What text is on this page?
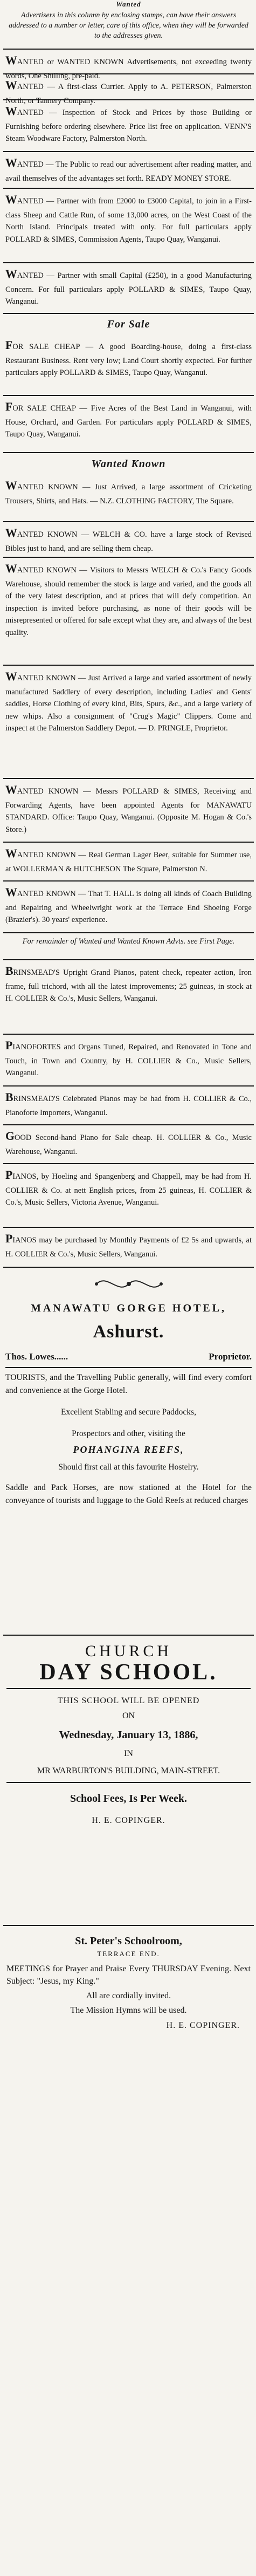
Wanted

Advertisers in this column by enclosing stamps, can have their answers addressed to a number or letter, care of this office, when they will be forwarded to the addresses given.

WANTED or WANTED KNOWN Advertisements, not exceeding twenty words, One Shilling, pre-paid.

WANTED — A first-class Currier. Apply to A. PETERSON, Palmerston North; or Tannery Company.

WANTED — Inspection of Stock and Prices by those Building or Furnishing before ordering elsewhere. Price list free on application. VENN'S Steam Woodware Factory, Palmerston North.

WANTED — The Public to read our advertisement after reading matter, and avail themselves of the advantages set forth. READY MONEY STORE.

WANTED — Partner with from £2000 to £3000 Capital, to join in a First-class Sheep and Cattle Run, of some 13,000 acres, on the West Coast of the North Island. Principals treated with only. For full particulars apply POLLARD & SIMES, Commission Agents, Taupo Quay, Wanganui.

WANTED — Partner with small Capital (£250), in a good Manufacturing Concern. For full particulars apply POLLARD & SIMES, Taupo Quay, Wanganui.

For Sale

FOR SALE CHEAP — A good Boarding-house, doing a first-class Restaurant Business. Rent very low; Land Court shortly expected. For further particulars apply POLLARD & SIMES, Taupo Quay, Wanganui.

FOR SALE CHEAP — Five Acres of the Best Land in Wanganui, with House, Orchard, and Garden. For particulars apply POLLARD & SIMES, Taupo Quay, Wanganui.

Wanted Known

WANTED KNOWN — Just Arrived, a large assortment of Cricketing Trousers, Shirts, and Hats. — N.Z. CLOTHING FACTORY, The Square.

WANTED KNOWN — WELCH & CO. have a large stock of Revised Bibles just to hand, and are selling them cheap.

WANTED KNOWN — Visitors to Messrs WELCH & Co.'s Fancy Goods Warehouse, should remember the stock is large and varied, and the goods all of the very latest description, and at prices that will defy competition. An inspection is invited before purchasing, as none of their goods will be misrepresented or offered for sale except what they are, and always of the best quality.

WANTED KNOWN — Just Arrived a large and varied assortment of newly manufactured Saddlery of every description, including Ladies' and Gents' saddles, Horse Clothing of every kind, Bits, Spurs, &c., and a large variety of new whips. Also a consignment of "Crug's Magic" Clippers. Come and inspect at the Palmerston Saddlery Depot. — D. PRINGLE, Proprietor.

WANTED KNOWN — Messrs POLLARD & SIMES, Receiving and Forwarding Agents, have been appointed Agents for MANAWATU STANDARD. Office: Taupo Quay, Wanganui. (Opposite M. Hogan & Co.'s Store.)

WANTED KNOWN — Real German Lager Beer, suitable for Summer use, at WOLLERMAN & HUTCHESON The Square, Palmerston N.

WANTED KNOWN — That T. HALL is doing all kinds of Coach Building and Repairing and Wheelwright work at the Terrace End Shoeing Forge (Brazier's). 30 years' experience.

For remainder of Wanted and Wanted Known Advts. see First Page.

BRINSMEAD'S Upright Grand Pianos, patent check, repeater action, Iron frame, full trichord, with all the latest improvements; 25 guineas, in stock at H. COLLIER & Co.'s, Music Sellers, Wanganui.

PIANOFORTES and Organs Tuned, Repaired, and Renovated in Tone and Touch, in Town and Country, by H. COLLIER & Co., Music Sellers, Wanganui.

BRINSMEAD'S Celebrated Pianos may be had from H. COLLIER & Co., Pianoforte Importers, Wanganui.

GOOD Second-hand Piano for Sale cheap. H. COLLIER & Co., Music Warehouse, Wanganui.

PIANOS, by Hoeling and Spangenberg and Chappell, may be had from H. COLLIER & Co. at nett English prices, from 25 guineas, H. COLLIER & Co.'s, Music Sellers, Victoria Avenue, Wanganui.

PIANOS may be purchased by Monthly Payments of £2 5s and upwards, at H. COLLIER & Co.'s, Music Sellers, Wanganui.

MANAWATU GORGE HOTEL,

Ashurst.

Thos. Lowes......	Proprietor.

TOURISTS, and the Travelling Public generally, will find every comfort and convenience at the Gorge Hotel.

Excellent Stabling and secure Paddocks,

Prospectors and other, visiting the

POHANGINA REEFS,

Should first call at this favourite Hostelry.

Saddle and Pack Horses, are now stationed at the Hotel for the conveyance of tourists and luggage to the Gold Reefs at reduced charges

CHURCH

DAY SCHOOL.

THIS SCHOOL WILL BE OPENED

ON

Wednesday, January 13, 1886,

IN

MR WARBURTON'S BUILDING, MAIN-STREET.

School Fees, Is Per Week.

H. E. COPINGER.

St. Peter's Schoolroom,

TERRACE END.

MEETINGS for Prayer and Praise Every THURSDAY Evening. Next Subject: "Jesus, my King."

All are cordially invited.

The Mission Hymns will be used.

H. E. COPINGER.
